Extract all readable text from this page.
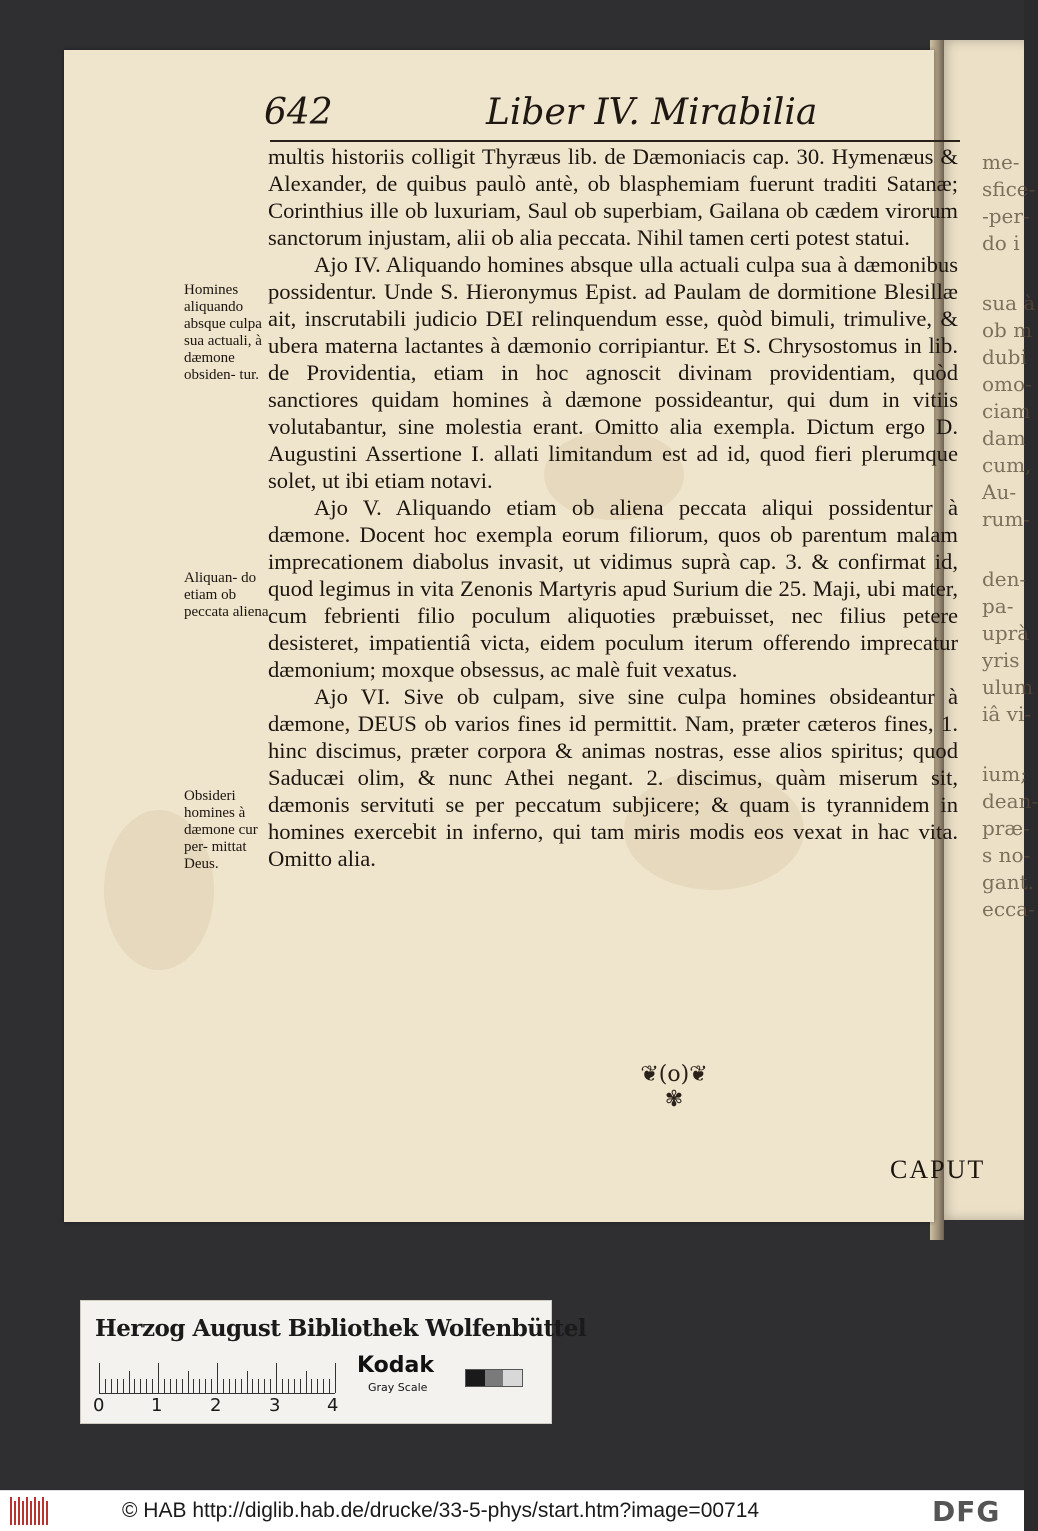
me-
sfice-
-per-
do i
sua à
ob m
dubi
omo-
ciam
dam
cum,
Au-
rum-
den-
pa-
uprà
yris
ulum
iâ vi-
ium;
dean-
præ-
s no-
gant.
ecca-
642	Liber IV. Mirabilia
Homines aliquando absque culpa sua actuali, à dæmone obsiden- tur.
Aliquan- do etiam ob peccata aliena.
Obsideri homines à dæmone cur per- mittat Deus.

multis historiis colligit Thyræus lib. de Dæmoniacis cap. 30. Hymenæus & Alexander, de quibus paulò antè, ob blasphemiam fuerunt traditi Satanæ; Corinthius ille ob luxuriam, Saul ob superbiam, Gailana ob cædem virorum sanctorum injustam, alii ob alia peccata. Nihil tamen certi potest statui.

Ajo IV. Aliquando homines absque ulla actuali culpa sua à dæmonibus possidentur. Unde S. Hieronymus Epist. ad Paulam de dormitione Blesillæ ait, inscrutabili judicio DEI relinquendum esse, quòd bimuli, trimulive, & ubera materna lactantes à dæmonio corripiantur. Et S. Chrysostomus in lib. de Providentia, etiam in hoc agnoscit divinam providentiam, quòd sanctiores quidam homines à dæmone possideantur, qui dum in vitiis volutabantur, sine molestia erant. Omitto alia exempla. Dictum ergo D. Augustini Assertione I. allati limitandum est ad id, quod fieri plerumque solet, ut ibi etiam notavi.

Ajo V. Aliquando etiam ob aliena peccata aliqui possidentur à dæmone. Docent hoc exempla eorum filiorum, quos ob parentum malam imprecationem diabolus invasit, ut vidimus suprà cap. 3. & confirmat id, quod legimus in vita Zenonis Martyris apud Surium die 25. Maji, ubi mater, cum febrienti filio poculum aliquoties præbuisset, nec filius petere desisteret, impatientiâ victa, eidem poculum iterum offerendo imprecatur dæmonium; moxque obsessus, ac malè fuit vexatus.

Ajo VI. Sive ob culpam, sive sine culpa homines obsideantur à dæmone, DEUS ob varios fines id permittit. Nam, præter cæteros fines, 1. hinc discimus, præter corpora & animas nostras, esse alios spiritus; quod Saducæi olim, & nunc Athei negant. 2. discimus, quàm miserum sit, dæmonis servituti se per peccatum subjicere; & quam is tyrannidem in homines exercebit in inferno, qui tam miris modis eos vexat in hac vita. Omitto alia.

❦(o)❦
✾
CAPUT
Herzog August Bibliothek Wolfenbüttel
0	1	2	3	4
Kodak
Gray Scale
© HAB http://diglib.hab.de/drucke/33-5-phys/start.htm?image=00714	DFG
